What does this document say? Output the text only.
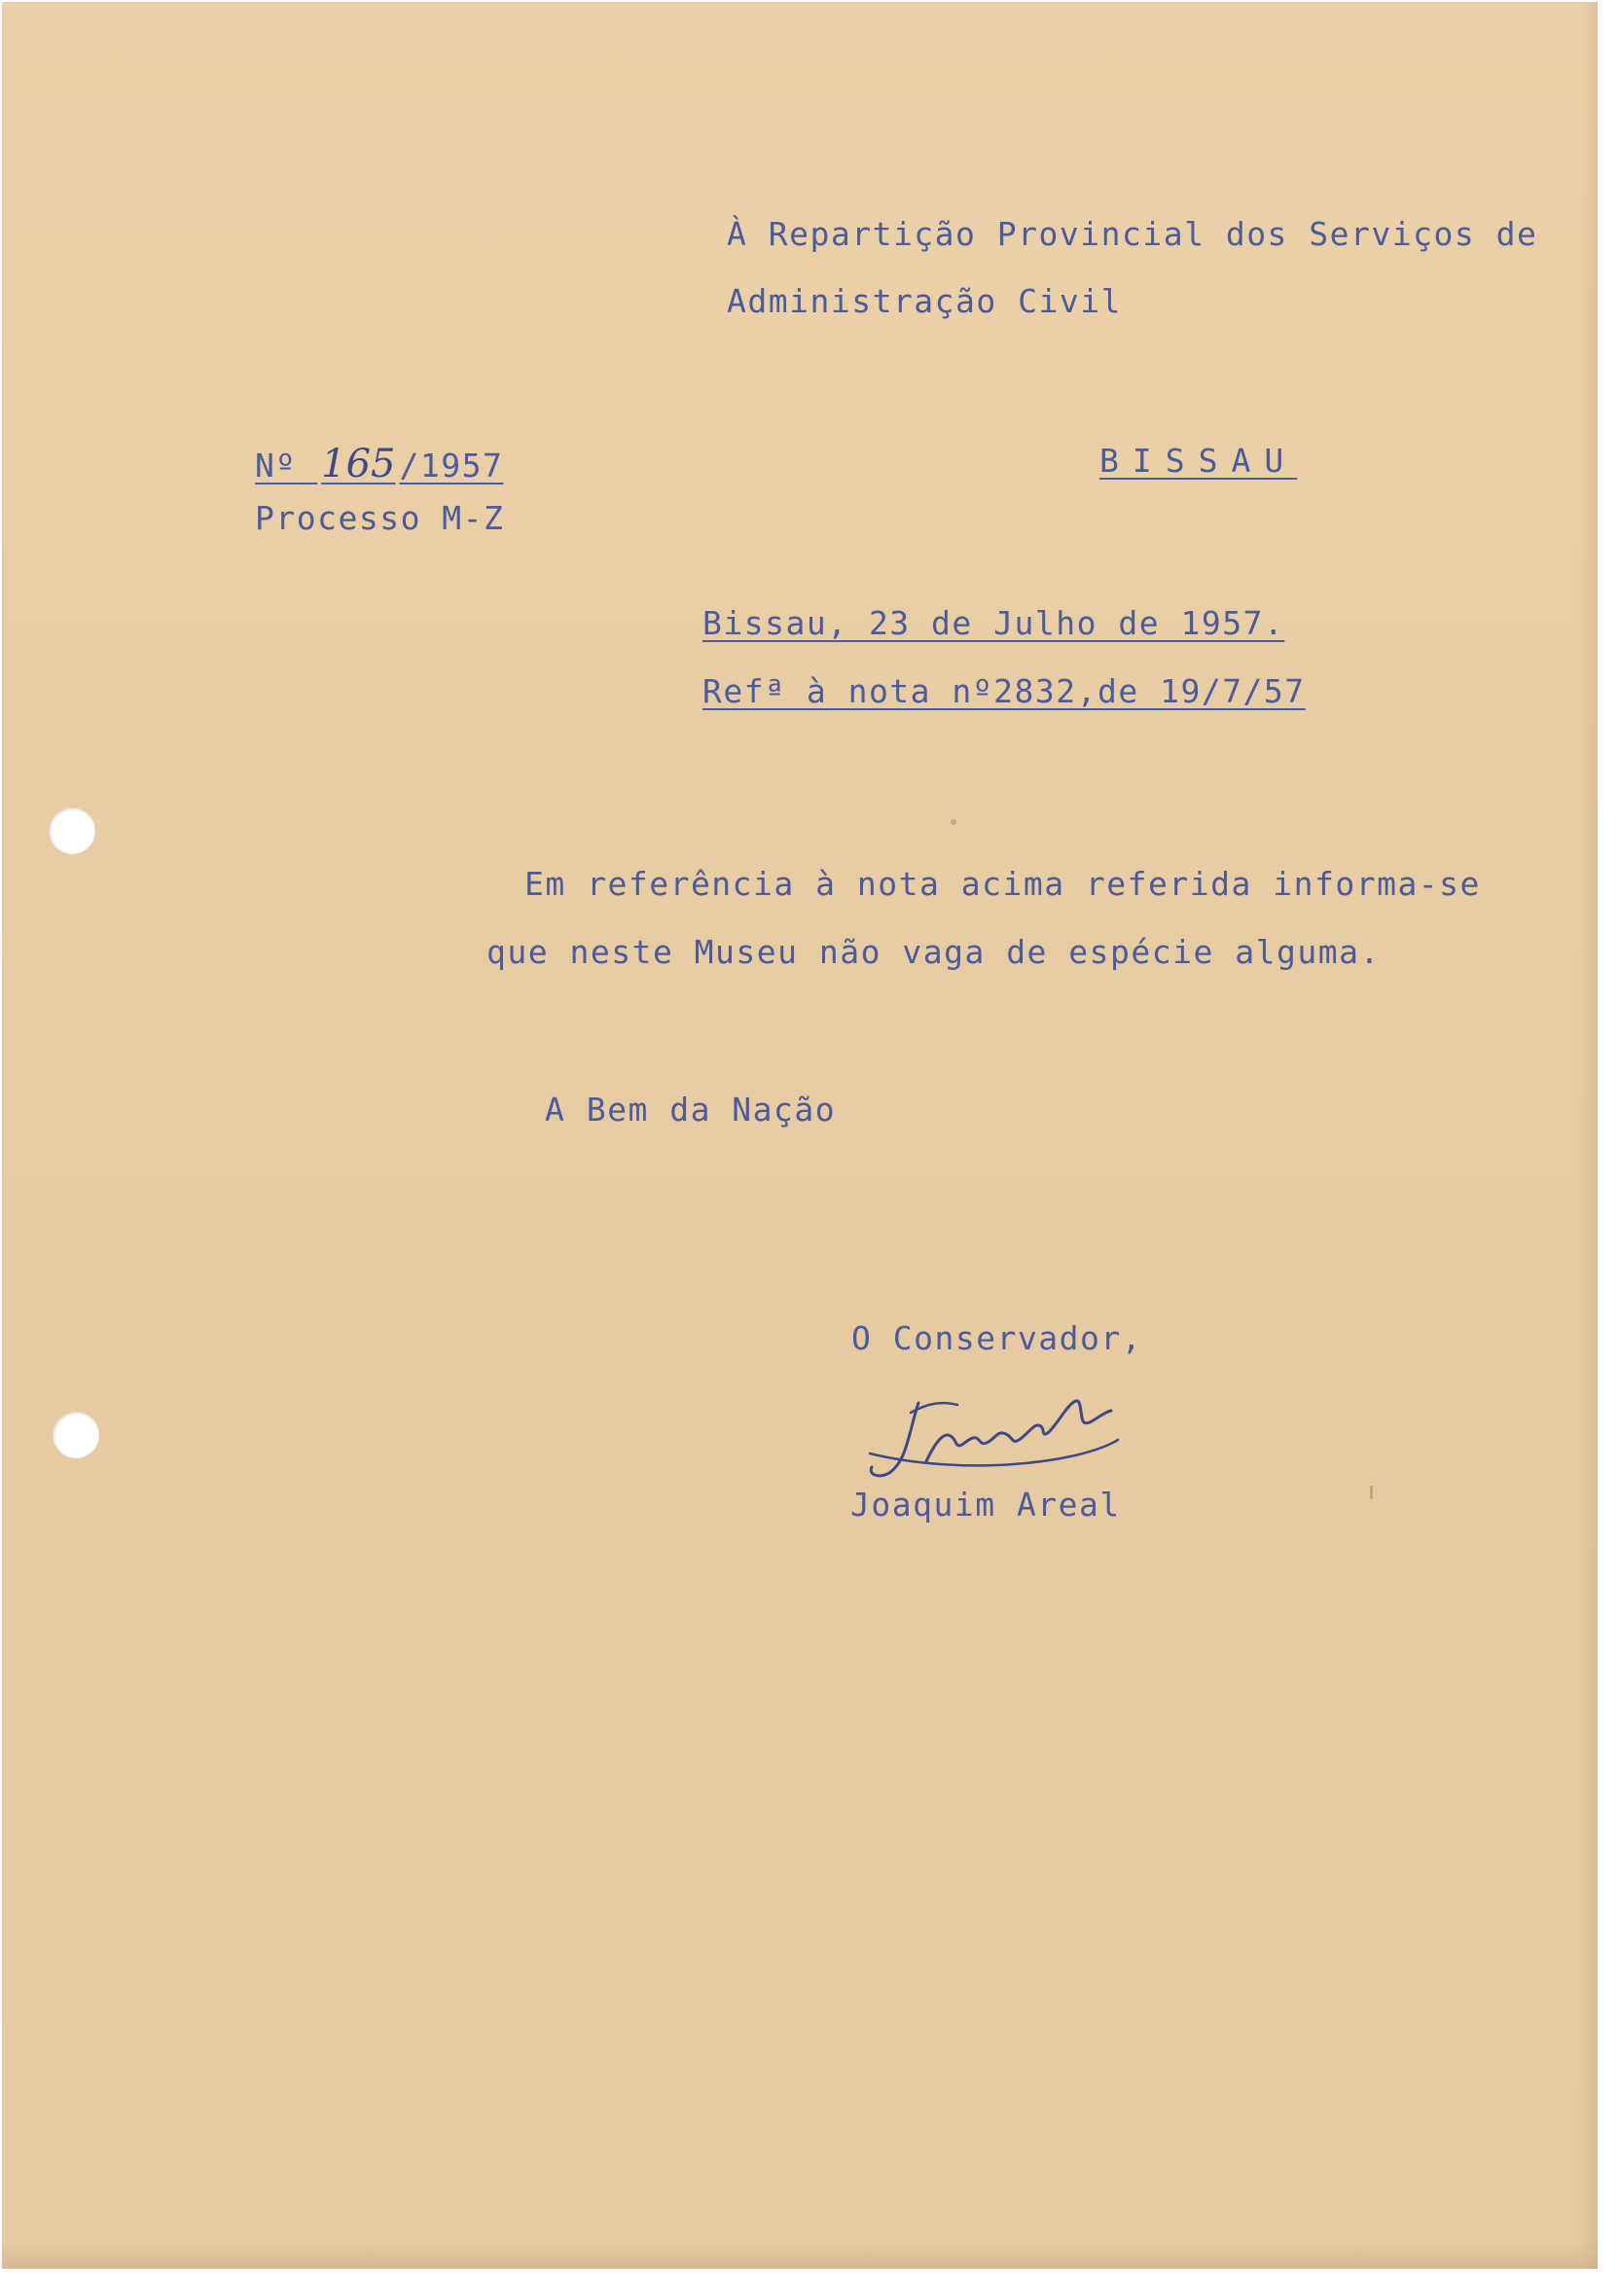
À Repartição Provincial dos Serviços de
Administração Civil
Nº 165 /1957
Processo M-Z
BISSAU
Bissau, 23 de Julho de 1957.
Refª à nota nº2832,de 19/7/57
Em referência à nota acima referida informa-se
que neste Museu não vaga de espécie alguma.
A Bem da Nação
O Conservador,
Joaquim Areal
